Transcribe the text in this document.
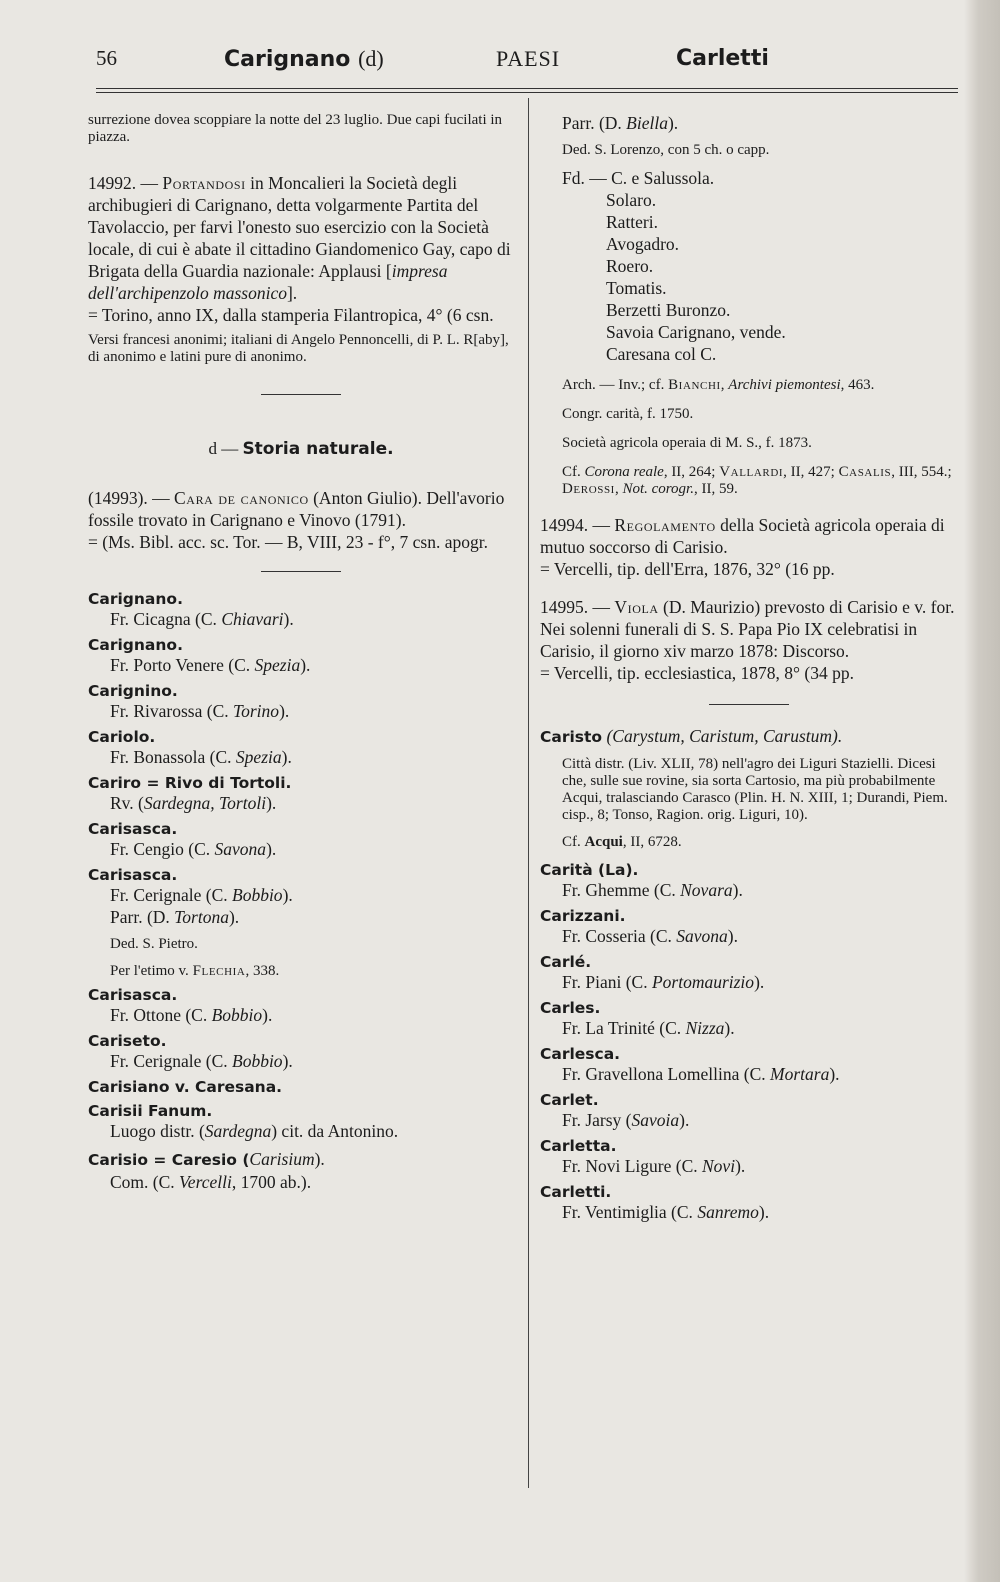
56	Carignano (d)	PAESI	Carletti

surrezione dovea scoppiare la notte del 23 luglio. Due capi fucilati in piazza.

14992. — Portandosi in Moncalieri la Società degli archibugieri di Carignano, detta volgarmente Partita del Tavolaccio, per farvi l'onesto suo esercizio con la Società locale, di cui è abate il cittadino Giandomenico Gay, capo di Brigata della Guardia nazionale: Applausi [impresa dell'archipenzolo massonico].

= Torino, anno IX, dalla stamperia Filantropica, 4° (6 csn.

Versi francesi anonimi; italiani di Angelo Pennoncelli, di P. L. R[aby], di anonimo e latini pure di anonimo.

d — Storia naturale.

(14993). — Cara de canonico (Anton Giulio). Dell'avorio fossile trovato in Carignano e Vinovo (1791).

= (Ms. Bibl. acc. sc. Tor. — B, VIII, 23 - f°, 7 csn. apogr.

Carignano.

Fr. Cicagna (C. Chiavari).

Carignano.

Fr. Porto Venere (C. Spezia).

Carignino.

Fr. Rivarossa (C. Torino).

Cariolo.

Fr. Bonassola (C. Spezia).

Cariro = Rivo di Tortoli.

Rv. (Sardegna, Tortoli).

Carisasca.

Fr. Cengio (C. Savona).

Carisasca.

Fr. Cerignale (C. Bobbio).

Parr. (D. Tortona).

Ded. S. Pietro.

Per l'etimo v. Flechia, 338.

Carisasca.

Fr. Ottone (C. Bobbio).

Cariseto.

Fr. Cerignale (C. Bobbio).

Carisiano v. Caresana.

Carisii Fanum.

Luogo distr. (Sardegna) cit. da Antonino.

Carisio = Caresio (Carisium).

Com. (C. Vercelli, 1700 ab.).

Parr. (D. Biella).

Ded. S. Lorenzo, con 5 ch. o capp.

Fd. — C. e Salussola.

Solaro.

Ratteri.

Avogadro.

Roero.

Tomatis.

Berzetti Buronzo.

Savoia Carignano, vende.

Caresana col C.

Arch. — Inv.; cf. Bianchi, Archivi piemontesi, 463.

Congr. carità, f. 1750.

Società agricola operaia di M. S., f. 1873.

Cf. Corona reale, II, 264; Vallardi, II, 427; Casalis, III, 554.; Derossi, Not. corogr., II, 59.

14994. — Regolamento della Società agricola operaia di mutuo soccorso di Carisio.

= Vercelli, tip. dell'Erra, 1876, 32° (16 pp.

14995. — Viola (D. Maurizio) prevosto di Carisio e v. for. Nei solenni funerali di S. S. Papa Pio IX celebratisi in Carisio, il giorno xiv marzo 1878: Discorso.

= Vercelli, tip. ecclesiastica, 1878, 8° (34 pp.

Caristo (Carystum, Caristum, Carustum).

Città distr. (Liv. XLII, 78) nell'agro dei Liguri Stazielli. Dicesi che, sulle sue rovine, sia sorta Cartosio, ma più probabilmente Acqui, tralasciando Carasco (Plin. H. N. XIII, 1; Durandi, Piem. cisp., 8; Tonso, Ragion. orig. Liguri, 10).

Cf. Acqui, II, 6728.

Carità (La).

Fr. Ghemme (C. Novara).

Carizzani.

Fr. Cosseria (C. Savona).

Carlé.

Fr. Piani (C. Portomaurizio).

Carles.

Fr. La Trinité (C. Nizza).

Carlesca.

Fr. Gravellona Lomellina (C. Mortara).

Carlet.

Fr. Jarsy (Savoia).

Carletta.

Fr. Novi Ligure (C. Novi).

Carletti.

Fr. Ventimiglia (C. Sanremo).
